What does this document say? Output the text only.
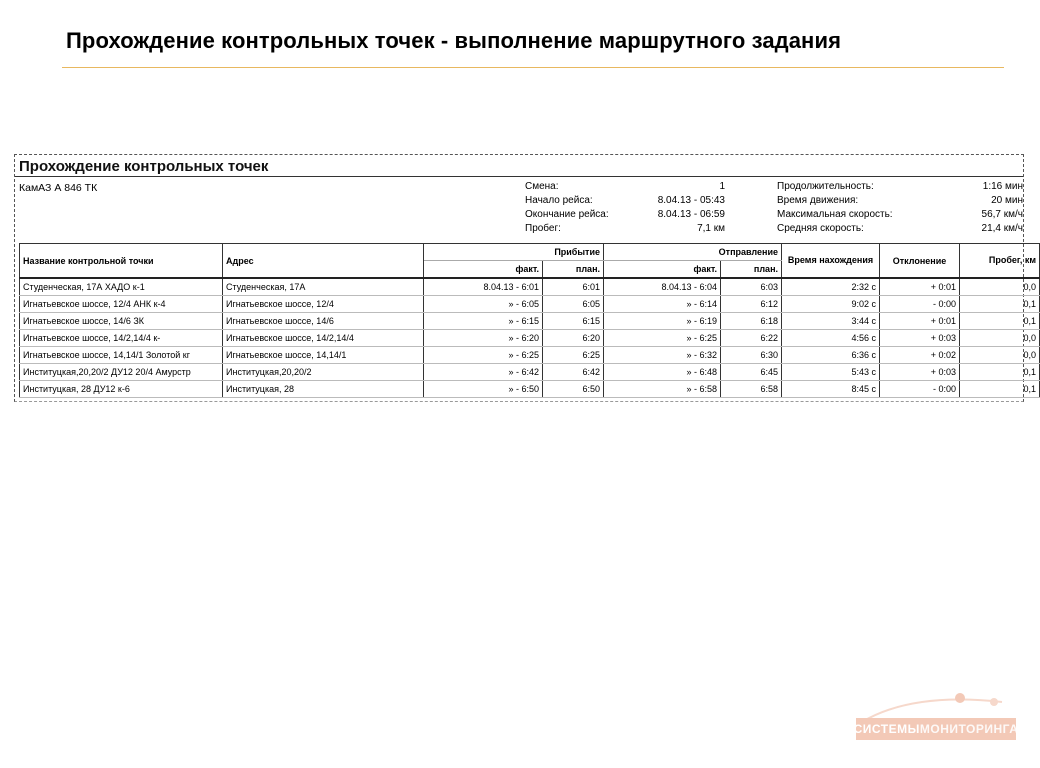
Прохождение контрольных точек - выполнение маршрутного задания
Прохождение контрольных точек
КамАЗ А 846 ТК	Смена:	1
Начало рейса:	8.04.13 - 05:43
Окончание рейса:	8.04.13 - 06:59
Пробег:	7,1 км
Продолжительность:	1:16 мин
Время движения:	20 мин
Максимальная скорость:	56,7 км/ч
Средняя скорость:	21,4 км/ч
Название контрольной точки	Адрес	Прибытие		Отправление		Время нахождения	Отклонение	Пробег, км
		факт.	план.	факт.	план.			
Студенческая, 17А ХАДО к-1	Студенческая, 17А	8.04.13 - 6:01	6:01	8.04.13 - 6:04	6:03	2:32 с	+ 0:01	0,0
Игнатьевское шоссе, 12/4 АНК к-4	Игнатьевское шоссе, 12/4	» - 6:05	6:05	» - 6:14	6:12	9:02 с	- 0:00	0,1
Игнатьевское шоссе, 14/6 ЗК	Игнатьевское шоссе, 14/6	» - 6:15	6:15	» - 6:19	6:18	3:44 с	+ 0:01	0,1
Игнатьевское шоссе, 14/2,14/4 к-	Игнатьевское шоссе, 14/2,14/4	» - 6:20	6:20	» - 6:25	6:22	4:56 с	+ 0:03	0,0
Игнатьевское шоссе, 14,14/1 Золотой кг	Игнатьевское шоссе, 14,14/1	» - 6:25	6:25	» - 6:32	6:30	6:36 с	+ 0:02	0,0
Институцкая,20,20/2 ДУ12 20/4 Амурстр	Институцкая,20,20/2	» - 6:42	6:42	» - 6:48	6:45	5:43 с	+ 0:03	0,1
Институцкая, 28 ДУ12 к-6	Институцкая, 28	» - 6:50	6:50	» - 6:58	6:58	8:45 с	- 0:00	0,1
СИСТЕМЫ МОНИТОРИНГА
